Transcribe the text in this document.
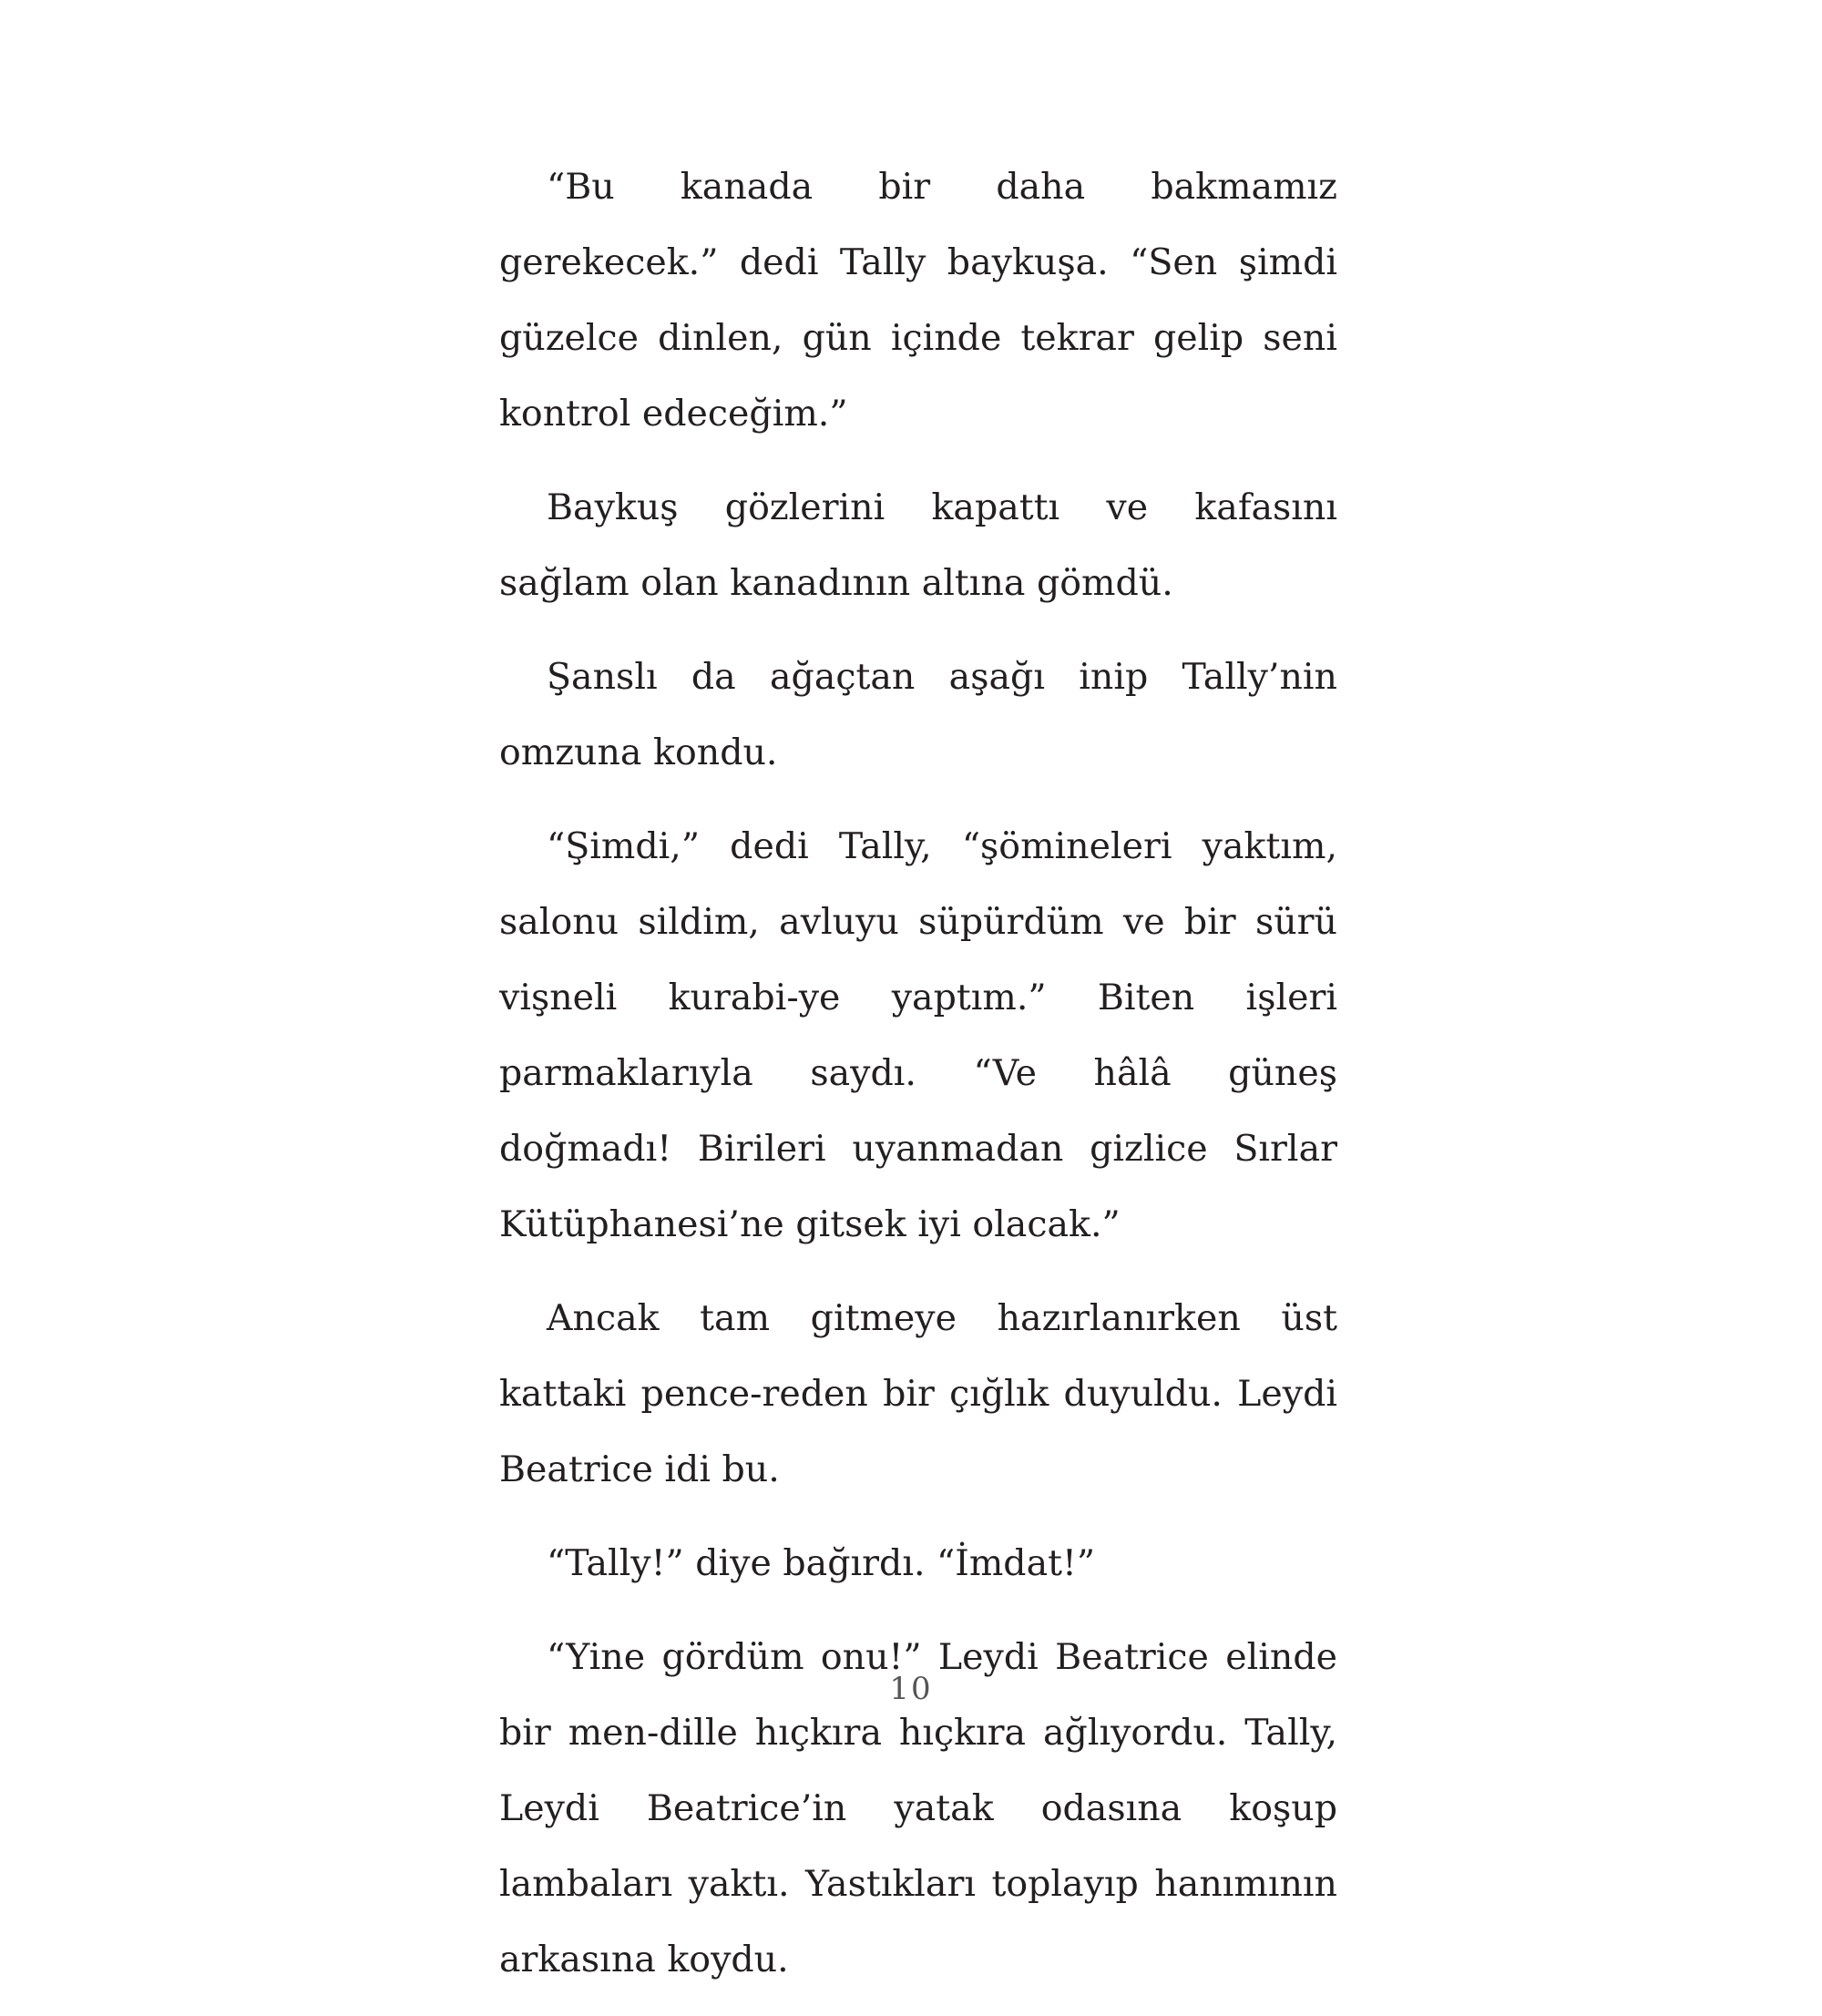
“Bu kanada bir daha bakmamız gerekecek.” dedi Tally baykuşa. “Sen şimdi güzelce dinlen, gün içinde tekrar gelip seni kontrol edeceğim.”

Baykuş gözlerini kapattı ve kafasını sağlam olan kanadının altına gömdü.

Şanslı da ağaçtan aşağı inip Tally’nin omzuna kondu.

“Şimdi,” dedi Tally, “şömineleri yaktım, salonu sildim, avluyu süpürdüm ve bir sürü vişneli kurabi-ye yaptım.” Biten işleri parmaklarıyla saydı. “Ve hâlâ güneş doğmadı! Birileri uyanmadan gizlice Sırlar Kütüphanesi’ne gitsek iyi olacak.”

Ancak tam gitmeye hazırlanırken üst kattaki pence-reden bir çığlık duyuldu. Leydi Beatrice idi bu.

“Tally!” diye bağırdı. “İmdat!”

“Yine gördüm onu!” Leydi Beatrice elinde bir men-dille hıçkıra hıçkıra ağlıyordu. Tally, Leydi Beatrice’in yatak odasına koşup lambaları yaktı. Yastıkları toplayıp hanımının arkasına koydu.

10
